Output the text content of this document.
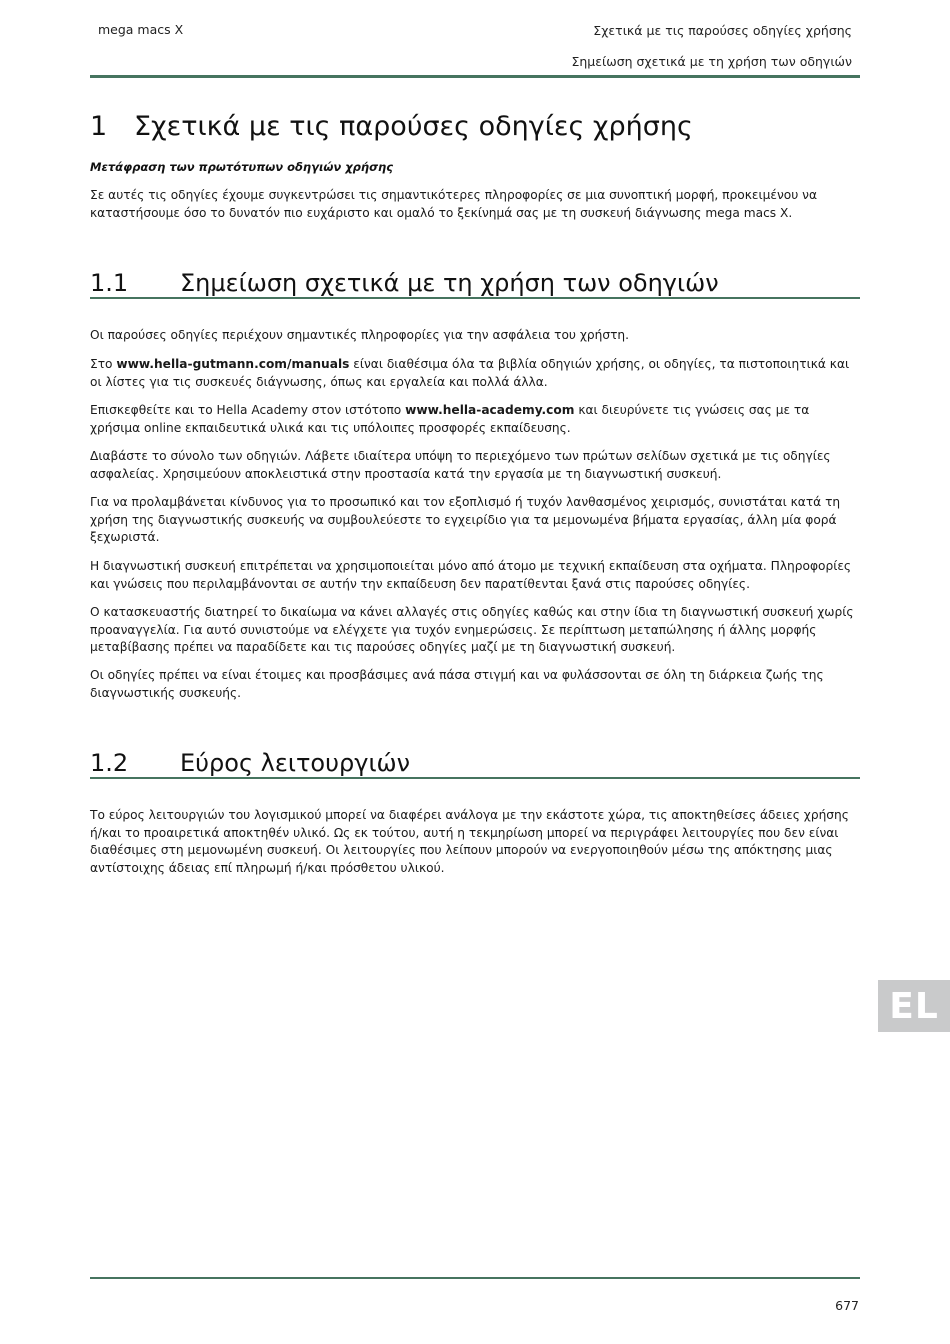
mega macs X	Σχετικά με τις παρούσες οδηγίες χρήσης
Σημείωση σχετικά με τη χρήση των οδηγιών
1 Σχετικά με τις παρούσες οδηγίες χρήσης
Μετάφραση των πρωτότυπων οδηγιών χρήσης

Σε αυτές τις οδηγίες έχουμε συγκεντρώσει τις σημαντικότερες πληροφορίες σε μια συνοπτική μορφή, προκειμένου να καταστήσουμε όσο το δυνατόν πιο ευχάριστο και ομαλό το ξεκίνημά σας με τη συσκευή διάγνωσης mega macs X.

1.1 Σημείωση σχετικά με τη χρήση των οδηγιών

Οι παρούσες οδηγίες περιέχουν σημαντικές πληροφορίες για την ασφάλεια του χρήστη.

Στο www.hella-gutmann.com/manuals είναι διαθέσιμα όλα τα βιβλία οδηγιών χρήσης, οι οδηγίες, τα πιστοποιητικά και οι λίστες για τις συσκευές διάγνωσης, όπως και εργαλεία και πολλά άλλα.

Επισκεφθείτε και το Hella Academy στον ιστότοπο www.hella-academy.com και διευρύνετε τις γνώσεις σας με τα χρήσιμα online εκπαιδευτικά υλικά και τις υπόλοιπες προσφορές εκπαίδευσης.

Διαβάστε το σύνολο των οδηγιών. Λάβετε ιδιαίτερα υπόψη το περιεχόμενο των πρώτων σελίδων σχετικά με τις οδηγίες ασφαλείας. Χρησιμεύουν αποκλειστικά στην προστασία κατά την εργασία με τη διαγνωστική συσκευή.

Για να προλαμβάνεται κίνδυνος για το προσωπικό και τον εξοπλισμό ή τυχόν λανθασμένος χειρισμός, συνιστάται κατά τη χρήση της διαγνωστικής συσκευής να συμβουλεύεστε το εγχειρίδιο για τα μεμονωμένα βήματα εργασίας, άλλη μία φορά ξεχωριστά.

Η διαγνωστική συσκευή επιτρέπεται να χρησιμοποιείται μόνο από άτομο με τεχνική εκπαίδευση στα οχήματα. Πληροφορίες και γνώσεις που περιλαμβάνονται σε αυτήν την εκπαίδευση δεν παρατίθενται ξανά στις παρούσες οδηγίες.

Ο κατασκευαστής διατηρεί το δικαίωμα να κάνει αλλαγές στις οδηγίες καθώς και στην ίδια τη διαγνωστική συσκευή χωρίς προαναγγελία. Για αυτό συνιστούμε να ελέγχετε για τυχόν ενημερώσεις. Σε περίπτωση μεταπώλησης ή άλλης μορφής μεταβίβασης πρέπει να παραδίδετε και τις παρούσες οδηγίες μαζί με τη διαγνωστική συσκευή.

Οι οδηγίες πρέπει να είναι έτοιμες και προσβάσιμες ανά πάσα στιγμή και να φυλάσσονται σε όλη τη διάρκεια ζωής της διαγνωστικής συσκευής.

1.2 Εύρος λειτουργιών

Το εύρος λειτουργιών του λογισμικού μπορεί να διαφέρει ανάλογα με την εκάστοτε χώρα, τις αποκτηθείσες άδειες χρήσης ή/και το προαιρετικά αποκτηθέν υλικό. Ως εκ τούτου, αυτή η τεκμηρίωση μπορεί να περιγράφει λειτουργίες που δεν είναι διαθέσιμες στη μεμονωμένη συσκευή. Οι λειτουργίες που λείπουν μπορούν να ενεργοποιηθούν μέσω της απόκτησης μιας αντίστοιχης άδειας επί πληρωμή ή/και πρόσθετου υλικού.

EL
677
